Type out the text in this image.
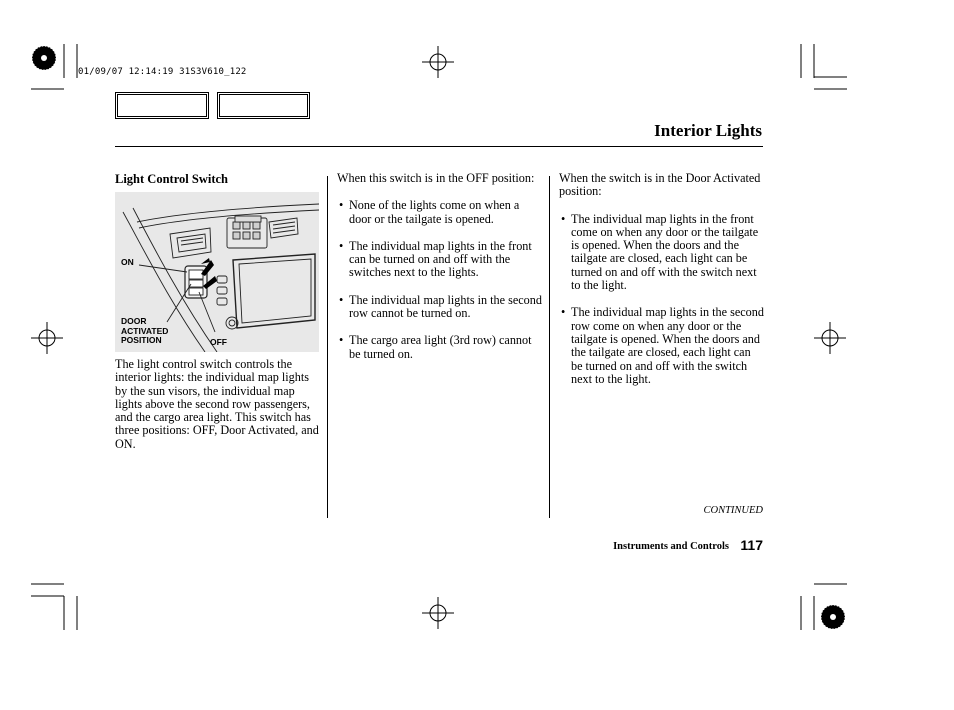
01/09/07 12:14:19 31S3V610_122
Interior Lights
Light Control Switch
ON
DOOR
ACTIVATED
POSITION	OFF
The light control switch controls the interior lights: the individual map lights by the sun visors, the individual map lights above the second row passengers, and the cargo area light. This switch has three positions: OFF, Door Activated, and ON.
When this switch is in the OFF position:
• None of the lights come on when a door or the tailgate is opened.
• The individual map lights in the front can be turned on and off with the switches next to the lights.
• The individual map lights in the second row cannot be turned on.
• The cargo area light (3rd row) cannot be turned on.
When the switch is in the Door Activated position:
• The individual map lights in the front come on when any door or the tailgate is opened. When the doors and the tailgate are closed, each light can be turned on and off with the switch next to the light.
• The individual map lights in the second row come on when any door or the tailgate is opened. When the doors and the tailgate are closed, each light can be turned on and off with the switch next to the light.
CONTINUED
Instruments and Controls 117
